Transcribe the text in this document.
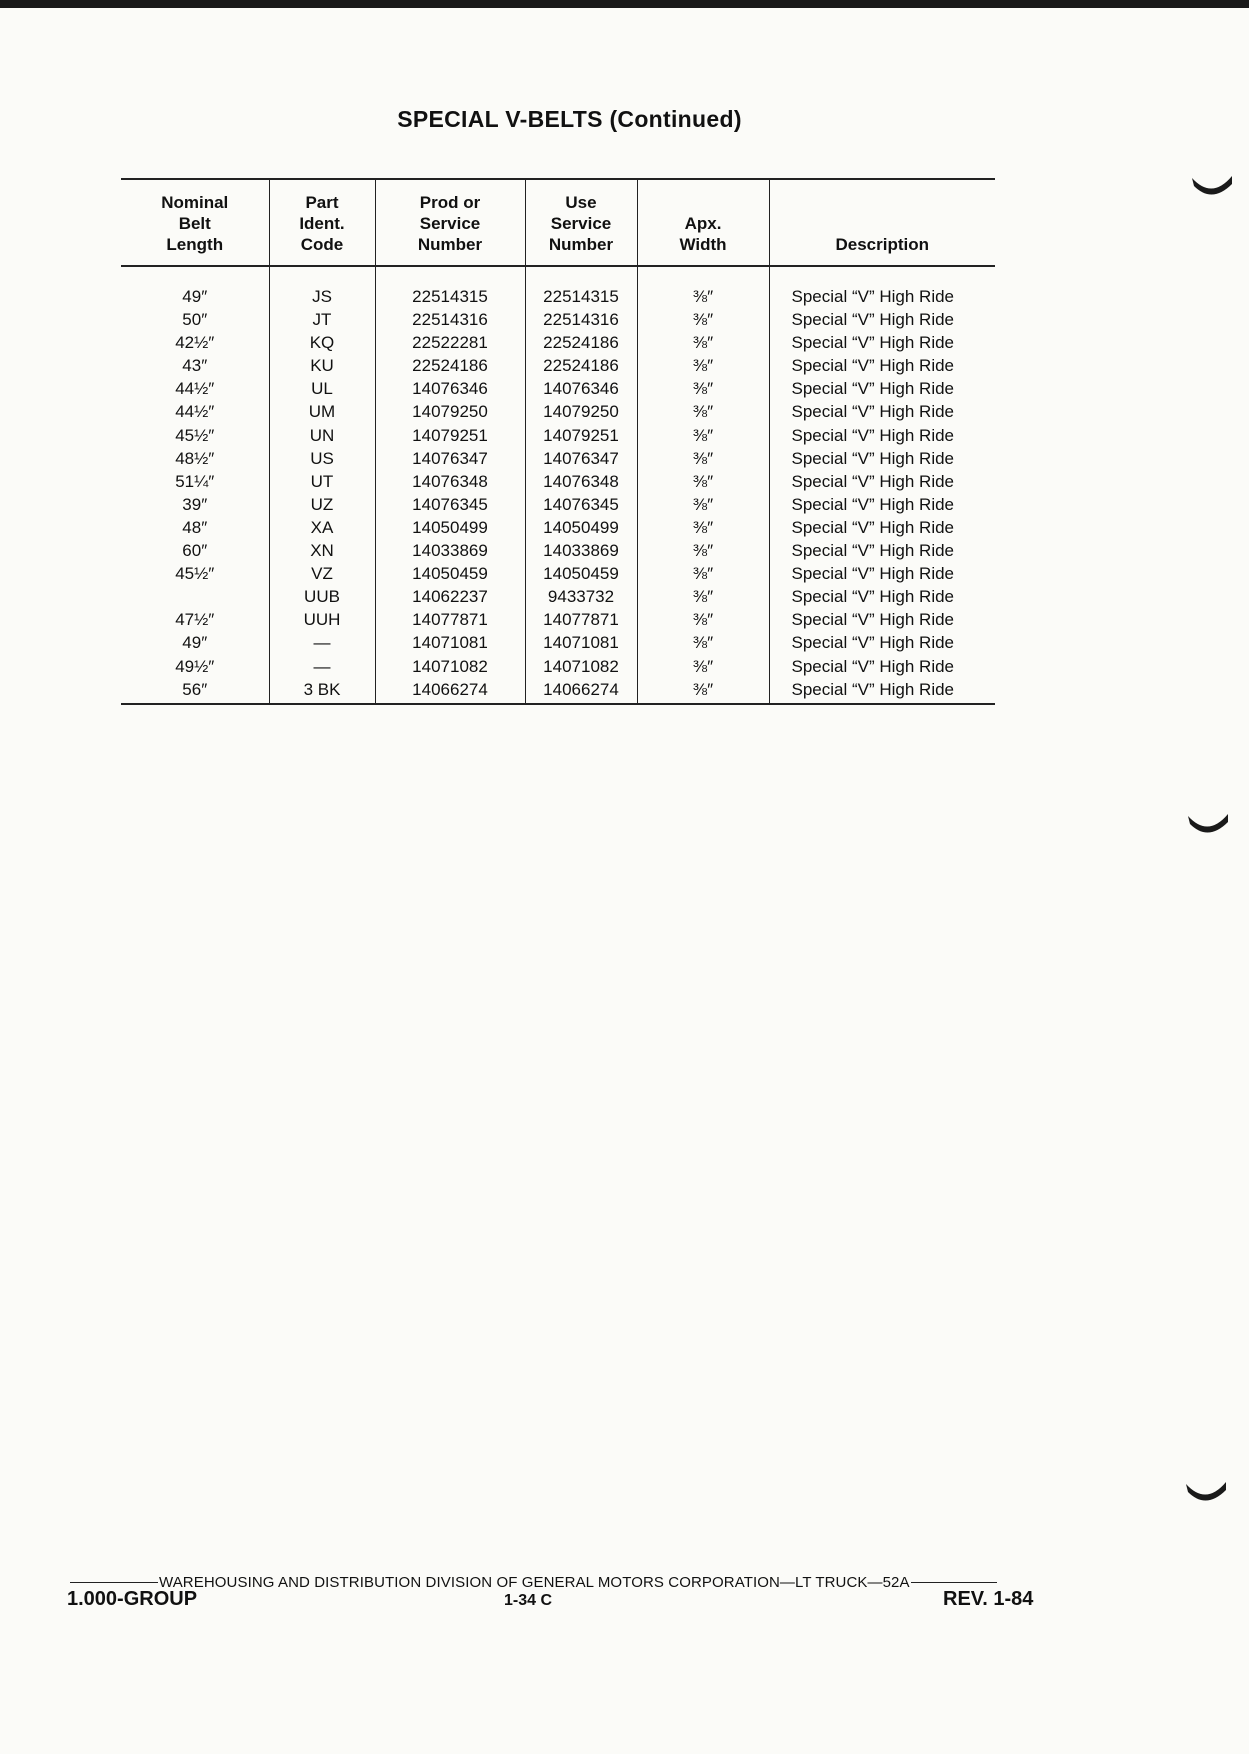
SPECIAL V-BELTS (Continued)
Nominal
Belt
Length	Part
Ident.
Code	Prod or
Service
Number	Use
Service
Number	Apx.
Width	Description

49″	JS	22514315	22514315	⅜″	Special “V” High Ride
50″	JT	22514316	22514316	⅜″	Special “V” High Ride
42½″	KQ	22522281	22524186	⅜″	Special “V” High Ride
43″	KU	22524186	22524186	⅜″	Special “V” High Ride
44½″	UL	14076346	14076346	⅜″	Special “V” High Ride
44½″	UM	14079250	14079250	⅜″	Special “V” High Ride
45½″	UN	14079251	14079251	⅜″	Special “V” High Ride
48½″	US	14076347	14076347	⅜″	Special “V” High Ride
51¼″	UT	14076348	14076348	⅜″	Special “V” High Ride
39″	UZ	14076345	14076345	⅜″	Special “V” High Ride
48″	XA	14050499	14050499	⅜″	Special “V” High Ride
60″	XN	14033869	14033869	⅜″	Special “V” High Ride
45½″	VZ	14050459	14050459	⅜″	Special “V” High Ride
	UUB	14062237	9433732	⅜″	Special “V” High Ride
47½″	UUH	14077871	14077871	⅜″	Special “V” High Ride
49″	—	14071081	14071081	⅜″	Special “V” High Ride
49½″	—	14071082	14071082	⅜″	Special “V” High Ride
56″	3 BK	14066274	14066274	⅜″	Special “V” High Ride
WAREHOUSING AND DISTRIBUTION DIVISION OF GENERAL MOTORS CORPORATION—LT TRUCK—52A
1.000-GROUP	1-34 C	REV. 1-84
